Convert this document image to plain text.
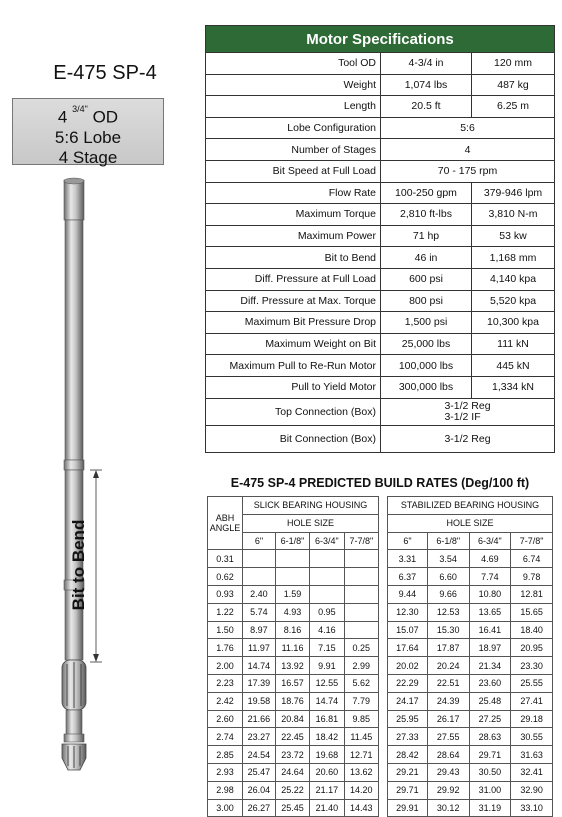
E-475 SP-4
4 $^{3/4"}$ OD
5:6 Lobe
4 Stage
Bit to Bend
Motor Specifications		
Tool OD	4-3/4 in	120 mm
Weight	1,074 lbs	487 kg
Length	20.5 ft	6.25 m
Lobe Configuration	5:6	
Number of Stages	4	
Bit Speed at Full Load	70 - 175 rpm	
Flow Rate	100-250 gpm	379-946 lpm
Maximum Torque	2,810 ft-lbs	3,810 N-m
Maximum Power	71 hp	53 kw
Bit to Bend	46 in	1,168 mm
Diff. Pressure at Full Load	600 psi	4,140 kpa
Diff. Pressure at Max. Torque	800 psi	5,520 kpa
Maximum Bit Pressure Drop	1,500 psi	10,300 kpa
Maximum Weight on Bit	25,000 lbs	111 kN
Maximum Pull to Re-Run Motor	100,000 lbs	445 kN
Pull to Yield Motor	300,000 lbs	1,334 kN
Top Connection (Box)	3-1/2 Reg
3-1/2 IF	
Bit Connection (Box)	3-1/2 Reg	
E-475 SP-4 PREDICTED BUILD RATES (Deg/100 ft)
ABH
ANGLE	SLICK BEARING HOUSING					STABILIZED BEARING HOUSING			
	HOLE SIZE					HOLE SIZE			
	6"	6-1/8"	6-3/4"	7-7/8"		6"	6-1/8"	6-3/4"	7-7/8"
0.31						3.31	3.54	4.69	6.74
0.62						6.37	6.60	7.74	9.78
0.93	2.40	1.59				9.44	9.66	10.80	12.81
1.22	5.74	4.93	0.95			12.30	12.53	13.65	15.65
1.50	8.97	8.16	4.16			15.07	15.30	16.41	18.40
1.76	11.97	11.16	7.15	0.25		17.64	17.87	18.97	20.95
2.00	14.74	13.92	9.91	2.99		20.02	20.24	21.34	23.30
2.23	17.39	16.57	12.55	5.62		22.29	22.51	23.60	25.55
2.42	19.58	18.76	14.74	7.79		24.17	24.39	25.48	27.41
2.60	21.66	20.84	16.81	9.85		25.95	26.17	27.25	29.18
2.74	23.27	22.45	18.42	11.45		27.33	27.55	28.63	30.55
2.85	24.54	23.72	19.68	12.71		28.42	28.64	29.71	31.63
2.93	25.47	24.64	20.60	13.62		29.21	29.43	30.50	32.41
2.98	26.04	25.22	21.17	14.20		29.71	29.92	31.00	32.90
3.00	26.27	25.45	21.40	14.43		29.91	30.12	31.19	33.10
